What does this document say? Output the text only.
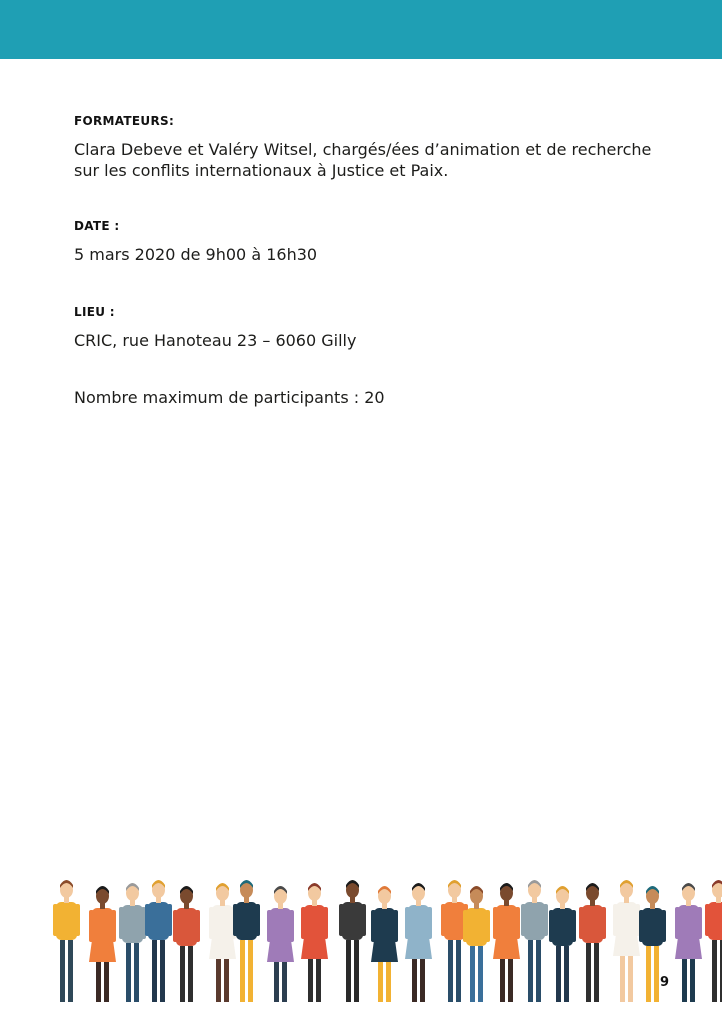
FORMATEURS:
Clara Debeve et Valéry Witsel, chargés/ées d’animation et de recherche
sur les conflits internationaux à Justice et Paix.
DATE :
5 mars 2020 de 9h00 à 16h30
LIEU :
CRIC, rue Hanoteau 23 – 6060 Gilly
Nombre maximum de participants : 20
9
